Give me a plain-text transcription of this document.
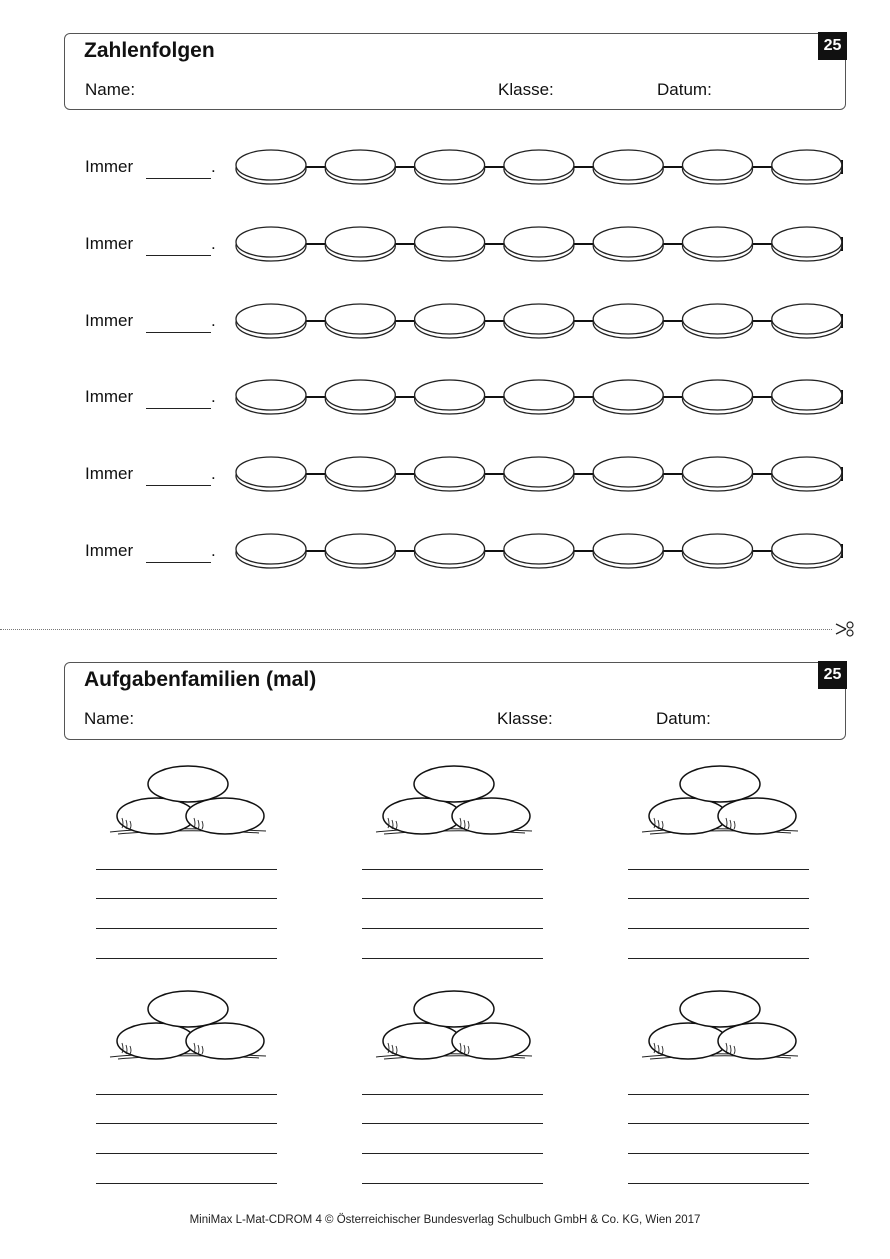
Zahlenfolgen
Name:	Klasse:	Datum:
25
Immer	.
Immer	.
Immer	.
Immer	.
Immer	.
Immer	.
Aufgabenfamilien (mal)
Name:	Klasse:	Datum:
25
MiniMax L-Mat-CDROM 4 © Österreichischer Bundesverlag Schulbuch GmbH & Co. KG, Wien 2017
